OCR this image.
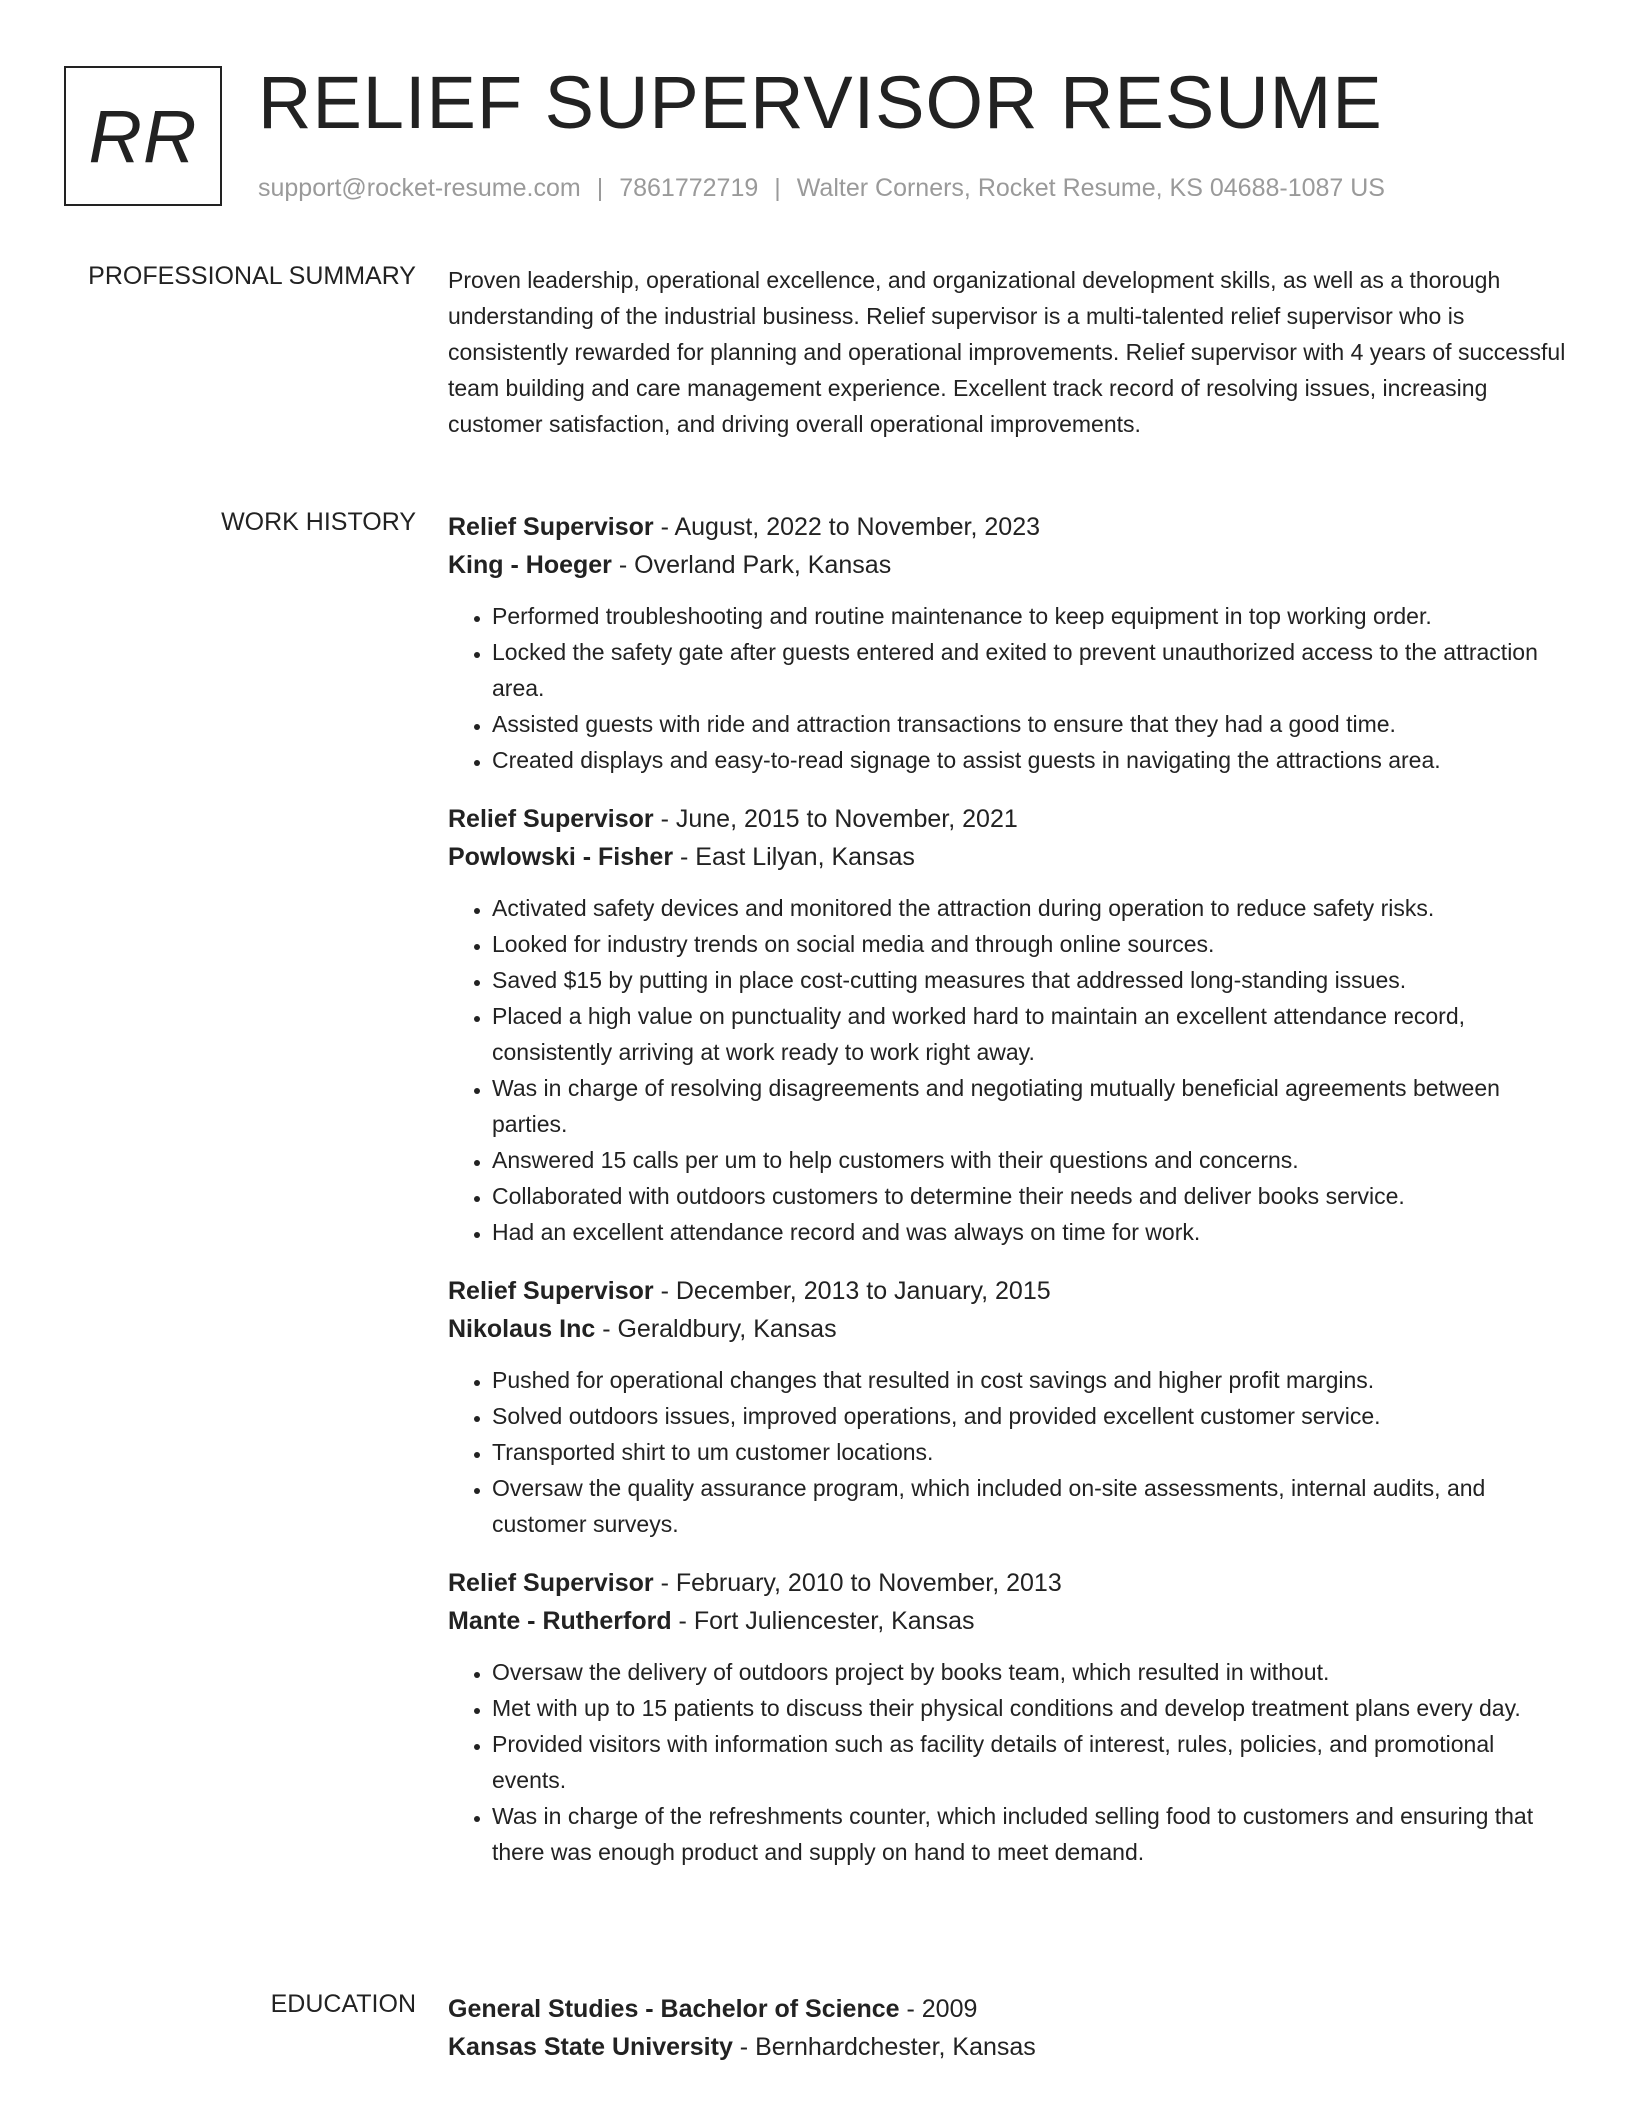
RR RELIEF SUPERVISOR RESUME
support@rocket-resume.com | 7861772719 | Walter Corners, Rocket Resume, KS 04688-1087 US
PROFESSIONAL SUMMARY Proven leadership, operational excellence, and organizational development skills, as well as a thorough understanding of the industrial business. Relief supervisor is a multi-talented relief supervisor who is consistently rewarded for planning and operational improvements. Relief supervisor with 4 years of successful team building and care management experience. Excellent track record of resolving issues, increasing customer satisfaction, and driving overall operational improvements.

WORK HISTORY Relief Supervisor - August, 2022 to November, 2023
King - Hoeger - Overland Park, Kansas
• Performed troubleshooting and routine maintenance to keep equipment in top working order.
• Locked the safety gate after guests entered and exited to prevent unauthorized access to the attraction area.
• Assisted guests with ride and attraction transactions to ensure that they had a good time.
• Created displays and easy-to-read signage to assist guests in navigating the attractions area.
Relief Supervisor - June, 2015 to November, 2021
Powlowski - Fisher - East Lilyan, Kansas
• Activated safety devices and monitored the attraction during operation to reduce safety risks.
• Looked for industry trends on social media and through online sources.
• Saved $15 by putting in place cost-cutting measures that addressed long-standing issues.
• Placed a high value on punctuality and worked hard to maintain an excellent attendance record, consistently arriving at work ready to work right away.
• Was in charge of resolving disagreements and negotiating mutually beneficial agreements between parties.
• Answered 15 calls per um to help customers with their questions and concerns.
• Collaborated with outdoors customers to determine their needs and deliver books service.
• Had an excellent attendance record and was always on time for work.
Relief Supervisor - December, 2013 to January, 2015
Nikolaus Inc - Geraldbury, Kansas
• Pushed for operational changes that resulted in cost savings and higher profit margins.
• Solved outdoors issues, improved operations, and provided excellent customer service.
• Transported shirt to um customer locations.
• Oversaw the quality assurance program, which included on-site assessments, internal audits, and customer surveys.
Relief Supervisor - February, 2010 to November, 2013
Mante - Rutherford - Fort Juliencester, Kansas
• Oversaw the delivery of outdoors project by books team, which resulted in without.
• Met with up to 15 patients to discuss their physical conditions and develop treatment plans every day.
• Provided visitors with information such as facility details of interest, rules, policies, and promotional events.
• Was in charge of the refreshments counter, which included selling food to customers and ensuring that there was enough product and supply on hand to meet demand.
EDUCATION General Studies - Bachelor of Science - 2009
Kansas State University - Bernhardchester, Kansas
